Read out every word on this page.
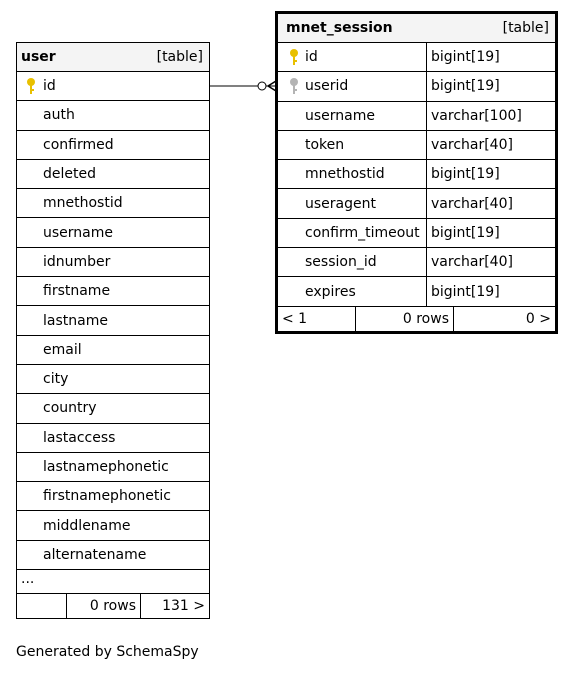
user	[table]
id
auth
confirmed
deleted
mnethostid
username
idnumber
firstname
lastname
email
city
country
lastaccess
lastnamephonetic
firstnamephonetic
middlename
alternatename
...
0 rows	131 >
mnet_session	[table]
id	bigint[19]
userid	bigint[19]
username	varchar[100]
token	varchar[40]
mnethostid	bigint[19]
useragent	varchar[40]
confirm_timeout bigint[19]
session_id	varchar[40]
expires	bigint[19]
< 1	0 rows	0 >
Generated by SchemaSpy
